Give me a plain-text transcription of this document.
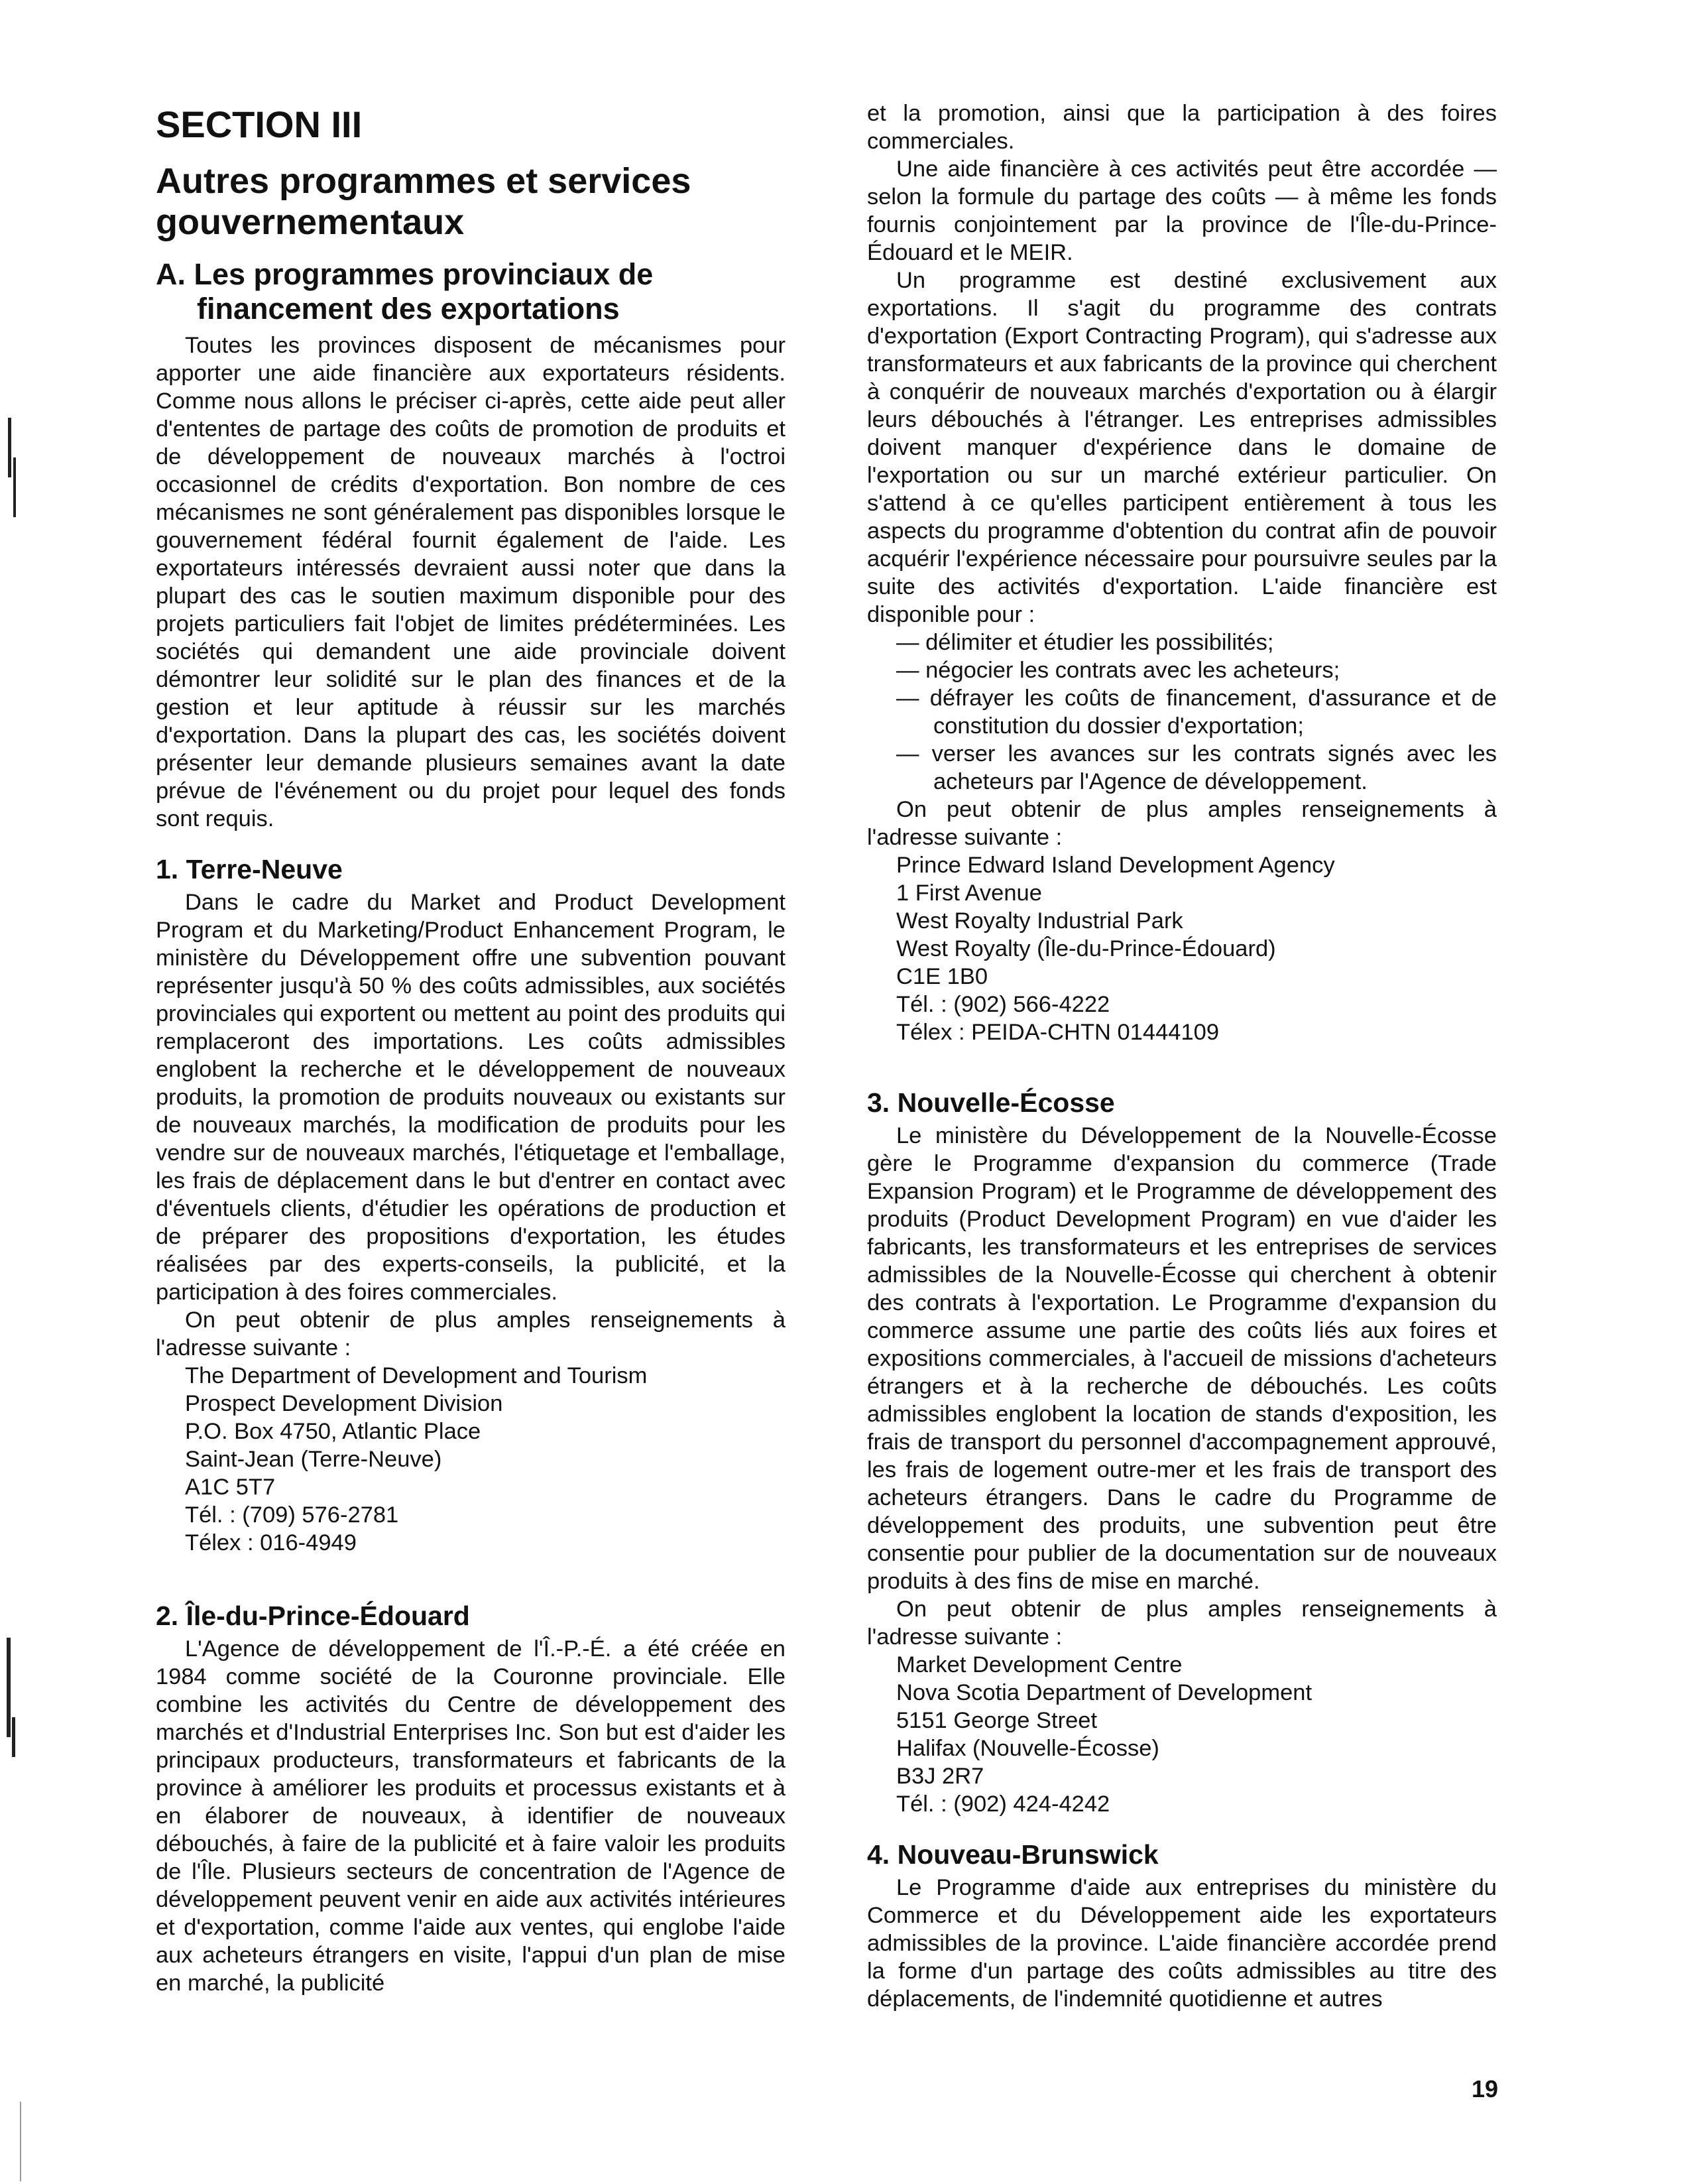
SECTION III
Autres programmes et services gouvernementaux
A. Les programmes provinciaux de financement des exportations

Toutes les provinces disposent de mécanismes pour apporter une aide financière aux exportateurs résidents. Comme nous allons le préciser ci-après, cette aide peut aller d'ententes de partage des coûts de promotion de produits et de développement de nouveaux marchés à l'octroi occasionnel de crédits d'exportation. Bon nombre de ces mécanismes ne sont généralement pas disponibles lorsque le gouvernement fédéral fournit également de l'aide. Les exportateurs intéressés devraient aussi noter que dans la plupart des cas le soutien maximum disponible pour des projets particuliers fait l'objet de limites prédéterminées. Les sociétés qui demandent une aide provinciale doivent démontrer leur solidité sur le plan des finances et de la gestion et leur aptitude à réussir sur les marchés d'exportation. Dans la plupart des cas, les sociétés doivent présenter leur demande plusieurs semaines avant la date prévue de l'événement ou du projet pour lequel des fonds sont requis.

1. Terre-Neuve

Dans le cadre du Market and Product Development Program et du Marketing/Product Enhancement Program, le ministère du Développement offre une subvention pouvant représenter jusqu'à 50 % des coûts admissibles, aux sociétés provinciales qui exportent ou mettent au point des produits qui remplaceront des importations. Les coûts admissibles englobent la recherche et le développement de nouveaux produits, la promotion de produits nouveaux ou existants sur de nouveaux marchés, la modification de produits pour les vendre sur de nouveaux marchés, l'étiquetage et l'emballage, les frais de déplacement dans le but d'entrer en contact avec d'éventuels clients, d'étudier les opérations de production et de préparer des propositions d'exportation, les études réalisées par des experts-conseils, la publicité, et la participation à des foires commerciales.

On peut obtenir de plus amples renseignements à l'adresse suivante :

The Department of Development and Tourism
Prospect Development Division
P.O. Box 4750, Atlantic Place
Saint-Jean (Terre-Neuve)
A1C 5T7
Tél. : (709) 576-2781
Télex : 016-4949
2. Île-du-Prince-Édouard

L'Agence de développement de l'Î.-P.-É. a été créée en 1984 comme société de la Couronne provinciale. Elle combine les activités du Centre de développement des marchés et d'Industrial Enterprises Inc. Son but est d'aider les principaux producteurs, transformateurs et fabricants de la province à améliorer les produits et processus existants et à en élaborer de nouveaux, à identifier de nouveaux débouchés, à faire de la publicité et à faire valoir les produits de l'Île. Plusieurs secteurs de concentration de l'Agence de développement peuvent venir en aide aux activités intérieures et d'exportation, comme l'aide aux ventes, qui englobe l'aide aux acheteurs étrangers en visite, l'appui d'un plan de mise en marché, la publicité

et la promotion, ainsi que la participation à des foires commerciales.

Une aide financière à ces activités peut être accordée — selon la formule du partage des coûts — à même les fonds fournis conjointement par la province de l'Île-du-Prince-Édouard et le MEIR.

Un programme est destiné exclusivement aux exportations. Il s'agit du programme des contrats d'exportation (Export Contracting Program), qui s'adresse aux transformateurs et aux fabricants de la province qui cherchent à conquérir de nouveaux marchés d'exportation ou à élargir leurs débouchés à l'étranger. Les entreprises admissibles doivent manquer d'expérience dans le domaine de l'exportation ou sur un marché extérieur particulier. On s'attend à ce qu'elles participent entièrement à tous les aspects du programme d'obtention du contrat afin de pouvoir acquérir l'expérience nécessaire pour poursuivre seules par la suite des activités d'exportation. L'aide financière est disponible pour :

— délimiter et étudier les possibilités;
— négocier les contrats avec les acheteurs;
— défrayer les coûts de financement, d'assurance et de constitution du dossier d'exportation;
— verser les avances sur les contrats signés avec les acheteurs par l'Agence de développement.

On peut obtenir de plus amples renseignements à l'adresse suivante :

Prince Edward Island Development Agency
1 First Avenue
West Royalty Industrial Park
West Royalty (Île-du-Prince-Édouard)
C1E 1B0
Tél. : (902) 566-4222
Télex : PEIDA-CHTN 01444109
3. Nouvelle-Écosse

Le ministère du Développement de la Nouvelle-Écosse gère le Programme d'expansion du commerce (Trade Expansion Program) et le Programme de développement des produits (Product Development Program) en vue d'aider les fabricants, les transformateurs et les entreprises de services admissibles de la Nouvelle-Écosse qui cherchent à obtenir des contrats à l'exportation. Le Programme d'expansion du commerce assume une partie des coûts liés aux foires et expositions commerciales, à l'accueil de missions d'acheteurs étrangers et à la recherche de débouchés. Les coûts admissibles englobent la location de stands d'exposition, les frais de transport du personnel d'accompagnement approuvé, les frais de logement outre-mer et les frais de transport des acheteurs étrangers. Dans le cadre du Programme de développement des produits, une subvention peut être consentie pour publier de la documentation sur de nouveaux produits à des fins de mise en marché.

On peut obtenir de plus amples renseignements à l'adresse suivante :

Market Development Centre
Nova Scotia Department of Development
5151 George Street
Halifax (Nouvelle-Écosse)
B3J 2R7
Tél. : (902) 424-4242
4. Nouveau-Brunswick

Le Programme d'aide aux entreprises du ministère du Commerce et du Développement aide les exportateurs admissibles de la province. L'aide financière accordée prend la forme d'un partage des coûts admissibles au titre des déplacements, de l'indemnité quotidienne et autres

19
